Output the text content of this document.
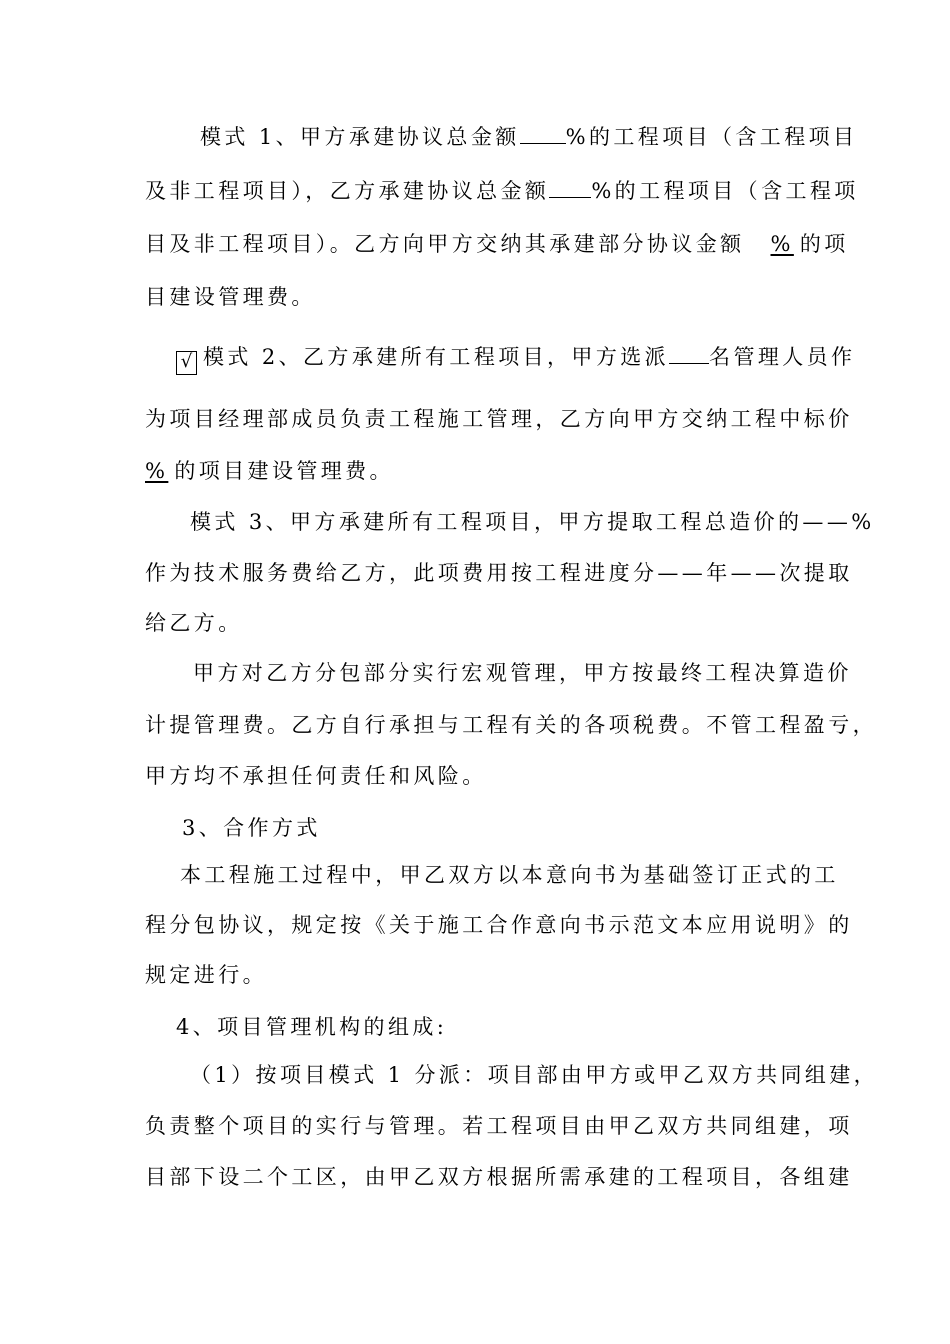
模式 1、甲方承建协议总金额 %的工程项目（含工程项目
及非工程项目），乙方承建协议总金额 %的工程项目（含工程项
目及非工程项目）。乙方向甲方交纳其承建部分协议金额 % 的项
目建设管理费。
√ 模式 2、乙方承建所有工程项目，甲方选派 名管理人员作
为项目经理部成员负责工程施工管理，乙方向甲方交纳工程中标价
% 的项目建设管理费。
模式 3、甲方承建所有工程项目，甲方提取工程总造价的——%
作为技术服务费给乙方，此项费用按工程进度分——年——次提取
给乙方。
甲方对乙方分包部分实行宏观管理，甲方按最终工程决算造价
计提管理费。乙方自行承担与工程有关的各项税费。不管工程盈亏，
甲方均不承担任何责任和风险。
3、合作方式
本工程施工过程中，甲乙双方以本意向书为基础签订正式的工
程分包协议，规定按《关于施工合作意向书示范文本应用说明》的
规定进行。
4、项目管理机构的组成:
（1）按项目模式 1 分派：项目部由甲方或甲乙双方共同组建，
负责整个项目的实行与管理。若工程项目由甲乙双方共同组建，项
目部下设二个工区，由甲乙双方根据所需承建的工程项目，各组建
